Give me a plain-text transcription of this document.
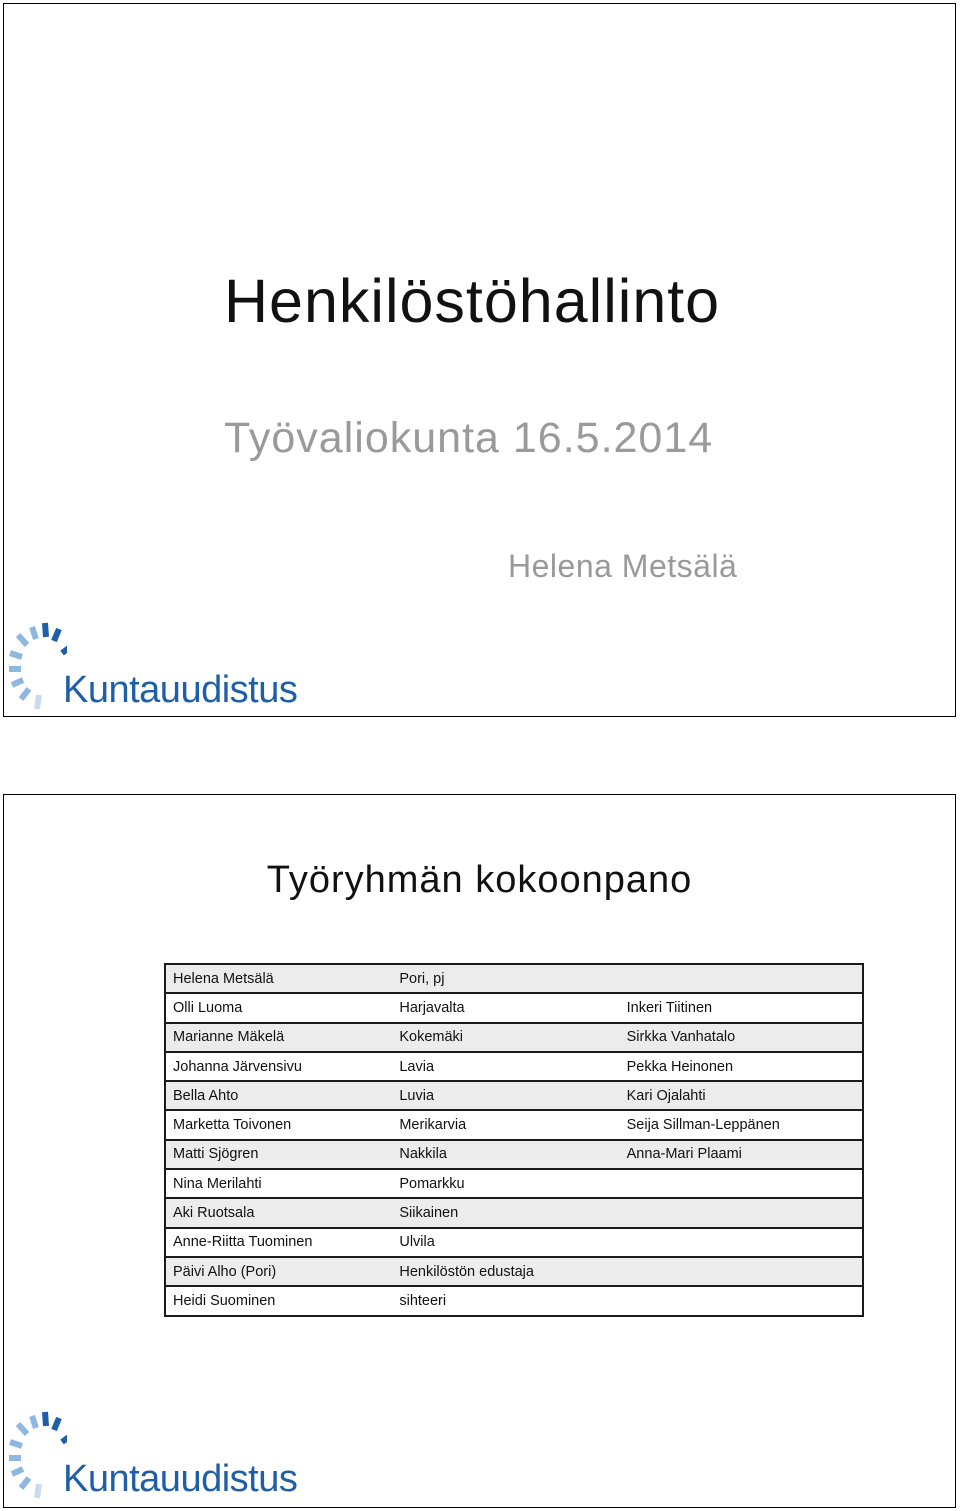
Henkilöstöhallinto
Työvaliokunta 16.5.2014
Helena Metsälä
Kuntauudistus
Työryhmän kokoonpano
Helena Metsälä	Pori, pj	
Olli Luoma	Harjavalta	Inkeri Tiitinen
Marianne Mäkelä	Kokemäki	Sirkka Vanhatalo
Johanna Järvensivu	Lavia	Pekka Heinonen
Bella Ahto	Luvia	Kari Ojalahti
Marketta Toivonen	Merikarvia	Seija Sillman-Leppänen
Matti Sjögren	Nakkila	Anna-Mari Plaami
Nina Merilahti	Pomarkku	
Aki Ruotsala	Siikainen	
Anne-Riitta Tuominen	Ulvila	
Päivi Alho (Pori)	Henkilöstön edustaja	
Heidi Suominen	sihteeri	
Kuntauudistus
